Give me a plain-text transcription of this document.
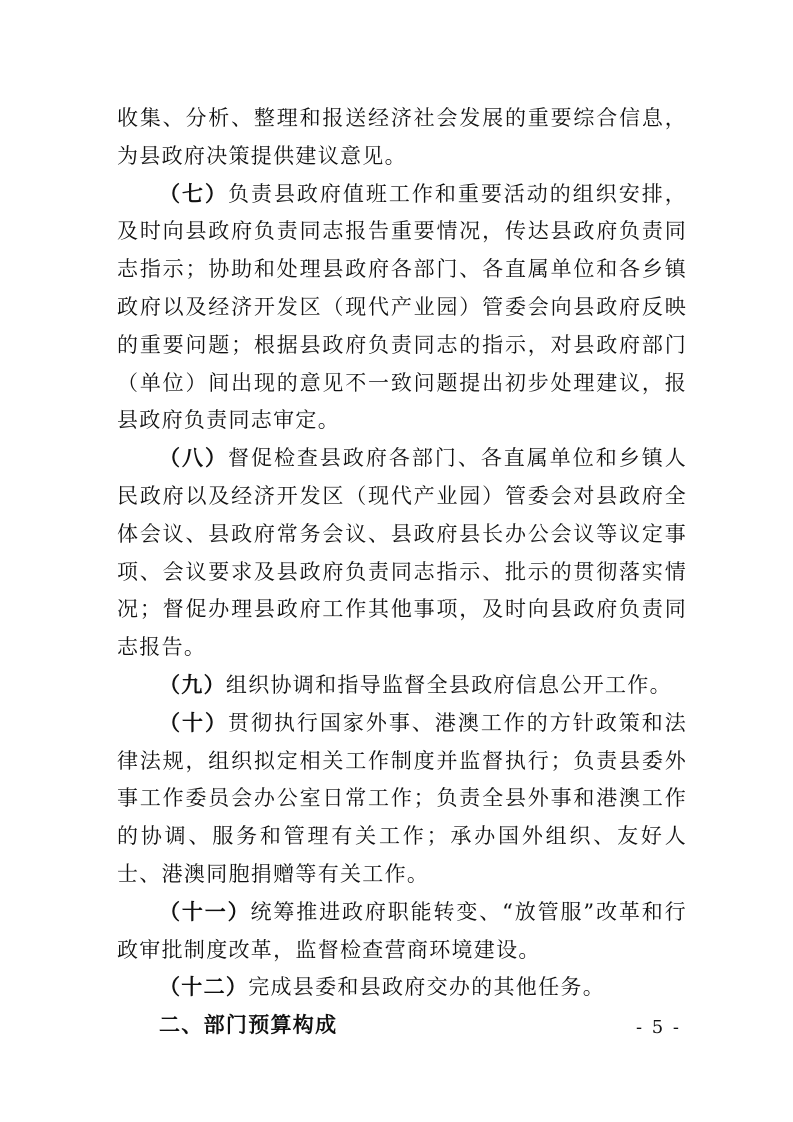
收集、分析、整理和报送经济社会发展的重要综合信息，为县政府决策提供建议意见。

（七）负责县政府值班工作和重要活动的组织安排，及时向县政府负责同志报告重要情况，传达县政府负责同志指示；协助和处理县政府各部门、各直属单位和各乡镇政府以及经济开发区（现代产业园）管委会向县政府反映的重要问题；根据县政府负责同志的指示，对县政府部门（单位）间出现的意见不一致问题提出初步处理建议，报县政府负责同志审定。

（八）督促检查县政府各部门、各直属单位和乡镇人民政府以及经济开发区（现代产业园）管委会对县政府全体会议、县政府常务会议、县政府县长办公会议等议定事项、会议要求及县政府负责同志指示、批示的贯彻落实情况；督促办理县政府工作其他事项，及时向县政府负责同志报告。

（九）组织协调和指导监督全县政府信息公开工作。

（十）贯彻执行国家外事、港澳工作的方针政策和法律法规，组织拟定相关工作制度并监督执行；负责县委外事工作委员会办公室日常工作；负责全县外事和港澳工作的协调、服务和管理有关工作；承办国外组织、友好人士、港澳同胞捐赠等有关工作。

（十一）统筹推进政府职能转变、“放管服”改革和行政审批制度改革，监督检查营商环境建设。

（十二）完成县委和县政府交办的其他任务。

二、部门预算构成	- 5 -
